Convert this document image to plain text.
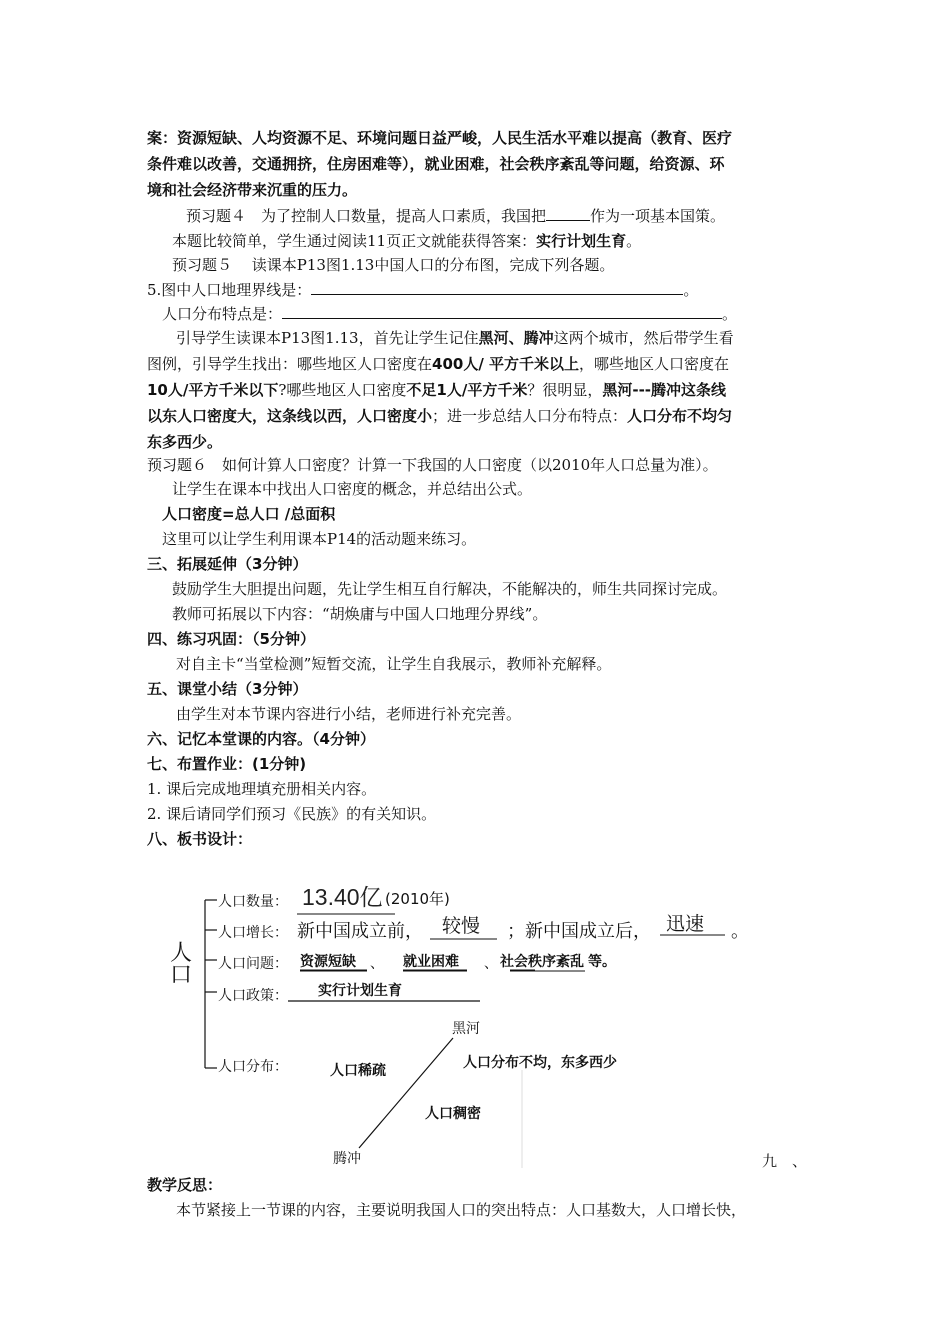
案：资源短缺、人均资源不足、环境问题日益严峻，人民生活水平难以提高（教育、医疗
条件难以改善，交通拥挤，住房困难等），就业困难，社会秩序紊乱等问题，给资源、环
境和社会经济带来沉重的压力。
预习题４　为了控制人口数量，提高人口素质，我国把	作为一项基本国策。
本题比较简单，学生通过阅读11页正文就能获得答案：实行计划生育。
预习题５　 读课本P13图1.13中国人口的分布图，完成下列各题。
5.图中人口地理界线是：	。
人口分布特点是：	。
引导学生读课本P13图1.13，首先让学生记住黑河、腾冲这两个城市，然后带学生看
图例，引导学生找出：哪些地区人口密度在400人/ 平方千米以上，哪些地区人口密度在
10人/平方千米以下?哪些地区人口密度不足1人/平方千米？很明显，黑河---腾冲这条线
以东人口密度大，这条线以西，人口密度小；进一步总结人口分布特点：人口分布不均匀
东多西少。
预习题６　如何计算人口密度？计算一下我国的人口密度（以2010年人口总量为准）。
让学生在课本中找出人口密度的概念，并总结出公式。
人口密度=总人口 /总面积
这里可以让学生利用课本P14的活动题来练习。
三、拓展延伸（3分钟）
鼓励学生大胆提出问题，先让学生相互自行解决，不能解决的，师生共同探讨完成。
教师可拓展以下内容：“胡焕庸与中国人口地理分界线”。
四、练习巩固：（5分钟）
对自主卡“当堂检测”短暂交流，让学生自我展示，教师补充解释。
五、课堂小结（3分钟）
由学生对本节课内容进行小结，老师进行补充完善。
六、记忆本堂课的内容。（4分钟）
七、布置作业：(1分钟)
1. 课后完成地理填充册相关内容。
2. 课后请同学们预习《民族》的有关知识。
八、板书设计：
人口
人口数量： 13.40亿 (2010年)
人口增长： 新中国成立前， 较慢 ；新中国成立后， 迅速 。
人口问题： 资源短缺 、 就业困难 、 社会秩序紊乱 等。
人口政策： 实行计划生育
黑河
人口分布：	人口稀疏	人口分布不均，东多西少
人口稠密
腾冲	九　、
教学反思：
本节紧接上一节课的内容，主要说明我国人口的突出特点：人口基数大，人口增长快，
